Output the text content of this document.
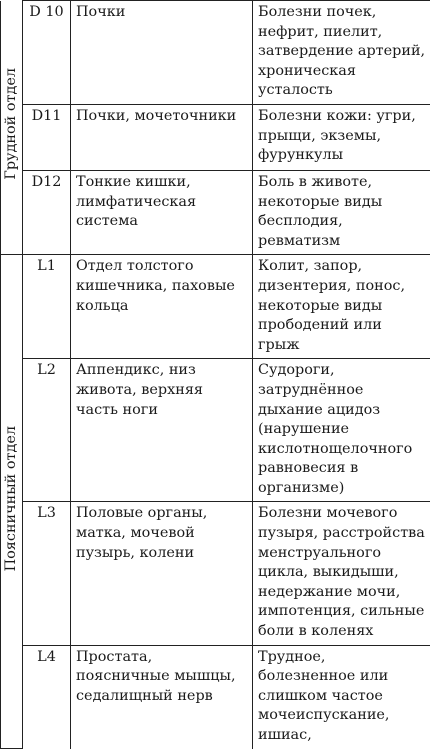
Грудной отдел	D 10	Почки	Болезни почек, нефрит, пиелит, затвердение артерий, хроническая усталость
	D11	Почки, мочеточники	Болезни кожи: угри, прыщи, экземы, фурункулы
	D12	Тонкие кишки, лимфатическая система	Боль в животе, некоторые виды бесплодия, ревматизм
Поясничный отдел	L1	Отдел толстого кишечника, паховые кольца	Колит, запор, дизентерия, понос, некоторые виды прободений или грыж
	L2	Аппендикс, низ живота, верхняя часть ноги	Судороги, затруднённое дыхание ацидоз (нарушение кислотнощелочного равновесия в организме)
	L3	Половые органы, матка, мочевой пузырь, колени	Болезни мочевого пузыря, расстройства менструального цикла, выкидыши, недержание мочи, импотенция, сильные боли в коленях
	L4	Простата, поясничные мышцы, седалищный нерв	Трудное, болезненное или слишком частое мочеиспускание, ишиас,
